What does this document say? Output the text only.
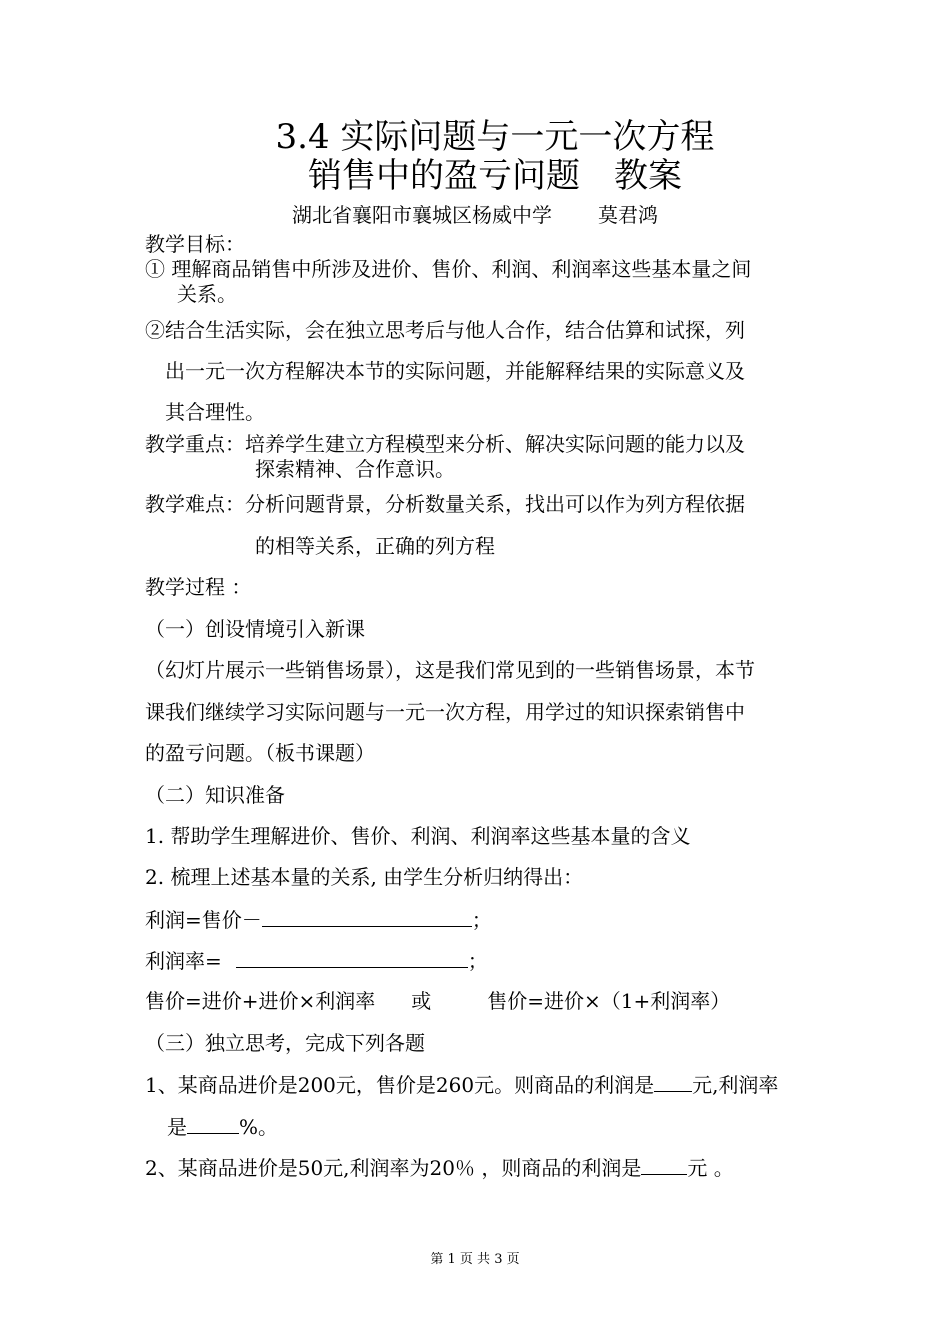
3.4 实际问题与一元一次方程
销售中的盈亏问题　教案
湖北省襄阳市襄城区杨威中学 莫君鸿
教学目标：
① 理解商品销售中所涉及进价、售价、利润、利润率这些基本量之间
关系。
②结合生活实际，会在独立思考后与他人合作，结合估算和试探，列
出一元一次方程解决本节的实际问题，并能解释结果的实际意义及
其合理性。
教学重点：培养学生建立方程模型来分析、解决实际问题的能力以及
探索精神、合作意识。
教学难点：分析问题背景，分析数量关系，找出可以作为列方程依据
的相等关系，正确的列方程
教学过程 ：
（一）创设情境引入新课
（幻灯片展示一些销售场景），这是我们常见到的一些销售场景，本节
课我们继续学习实际问题与一元一次方程，用学过的知识探索销售中
的盈亏问题。（板书课题）
（二）知识准备
1. 帮助学生理解进价、售价、利润、利润率这些基本量的含义
2. 梳理上述基本量的关系, 由学生分析归纳得出：
利润=售价－	；
利润率=	；
售价=进价+进价×利润率 或	售价=进价×（1+利润率）
（三）独立思考，完成下列各题
1、某商品进价是200元，售价是260元。则商品的利润是 元,利润率
是	%。
2、某商品进价是50元,利润率为20％ ，则商品的利润是 元 。
第 1 页 共 3 页
